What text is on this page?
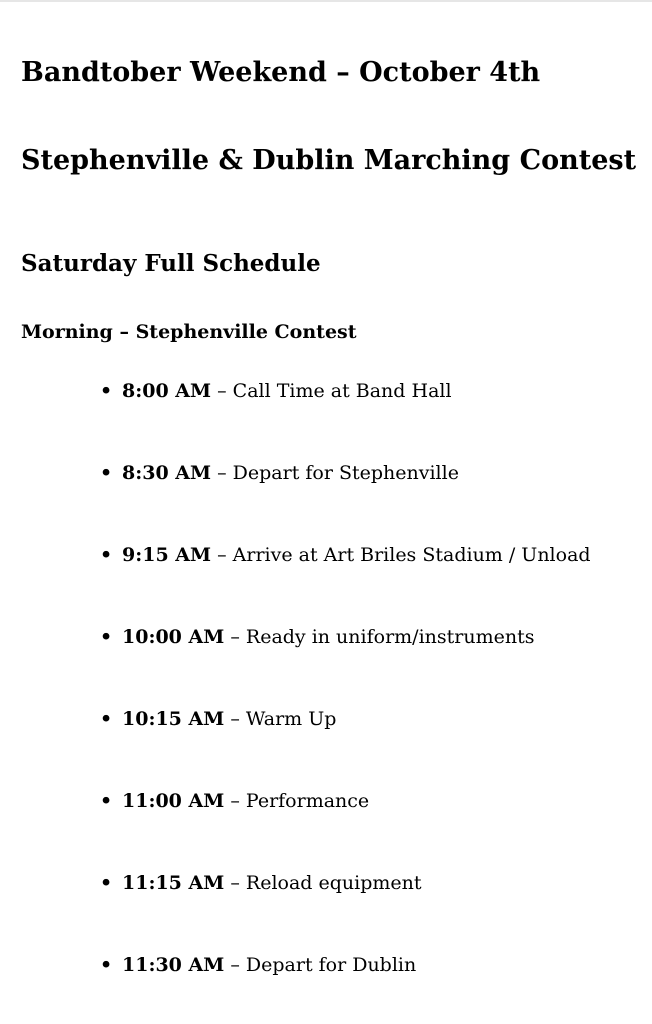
Bandtober Weekend – October 4th
Stephenville & Dublin Marching Contest
Saturday Full Schedule
Morning – Stephenville Contest
• 8:00 AM – Call Time at Band Hall
• 8:30 AM – Depart for Stephenville
• 9:15 AM – Arrive at Art Briles Stadium / Unload
• 10:00 AM – Ready in uniform/instruments
• 10:15 AM – Warm Up
• 11:00 AM – Performance
• 11:15 AM – Reload equipment
• 11:30 AM – Depart for Dublin
